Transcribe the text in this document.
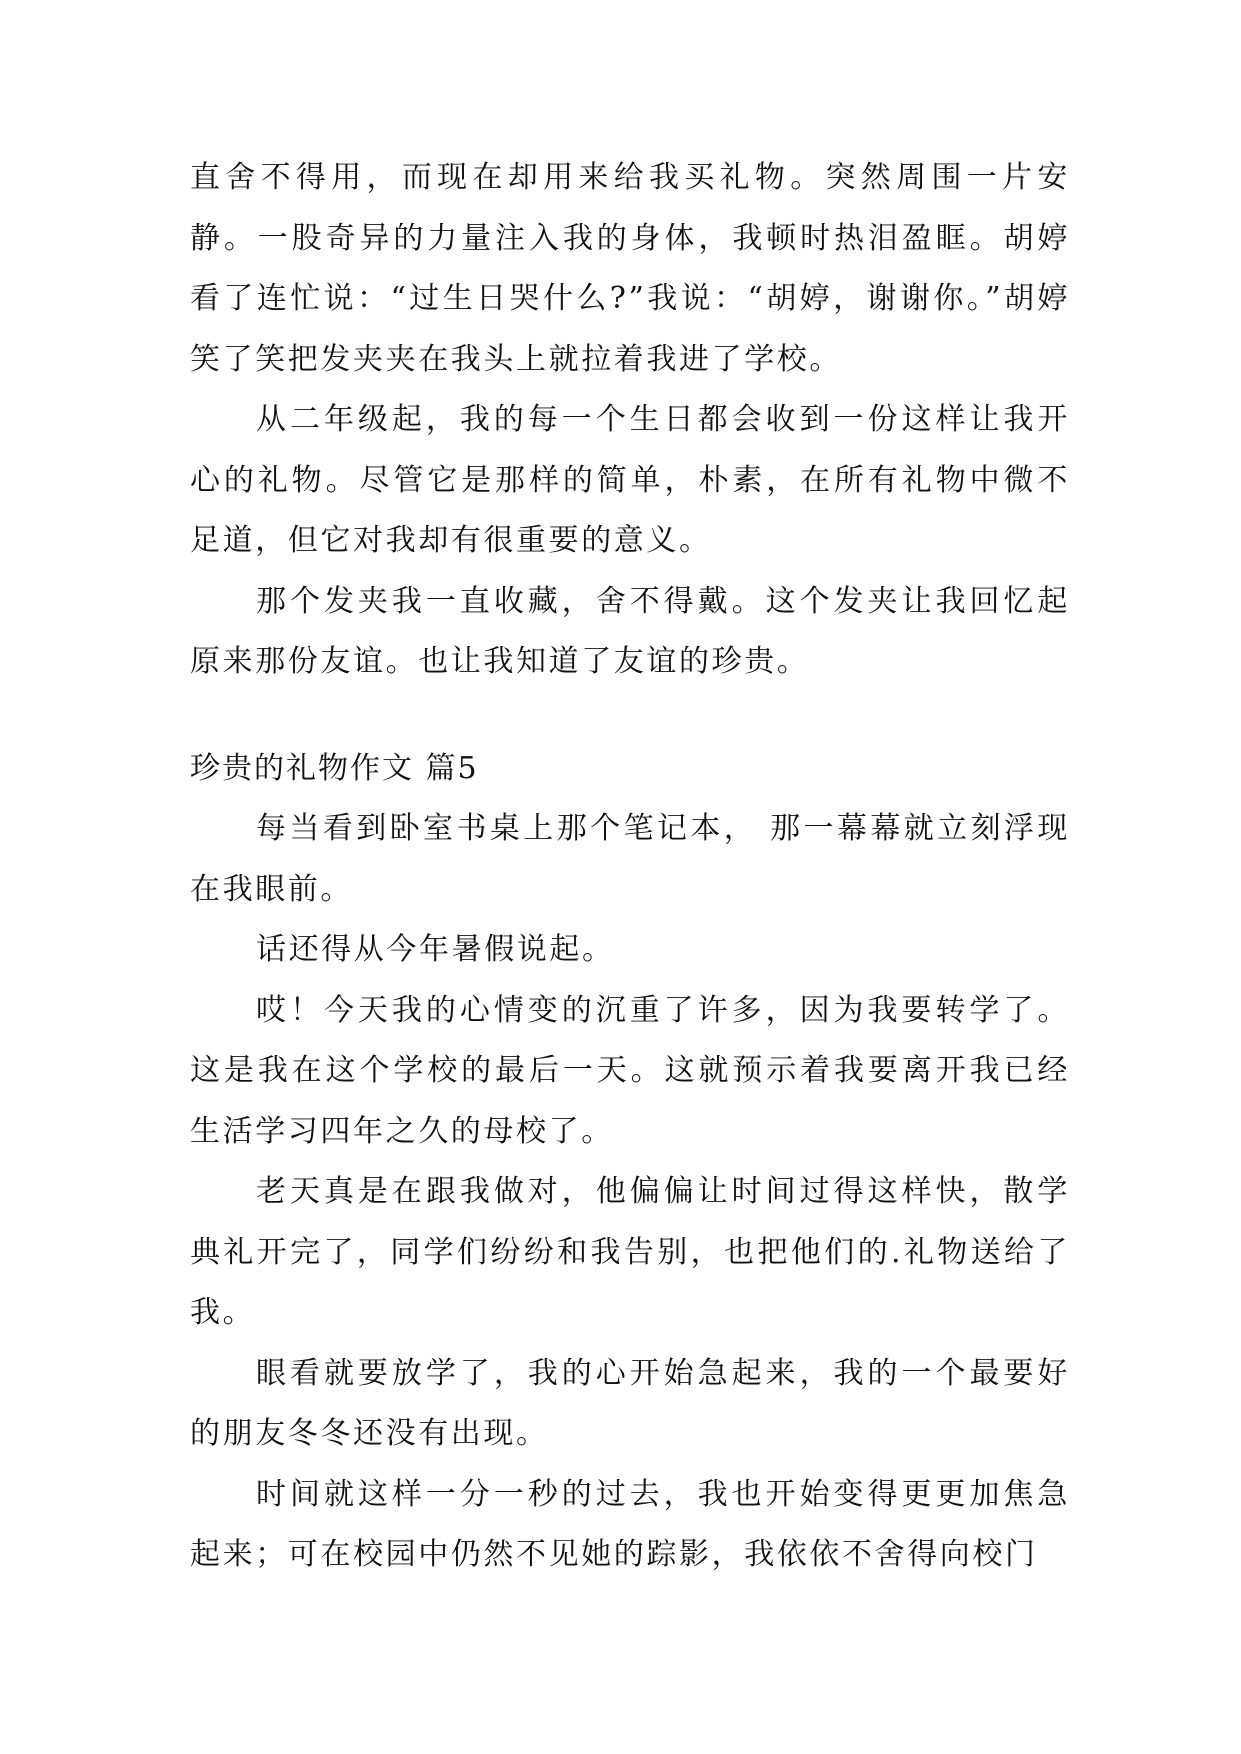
直舍不得用，而现在却用来给我买礼物。突然周围一片安静。一股奇异的力量注入我的身体，我顿时热泪盈眶。胡婷看了连忙说：“过生日哭什么?”我说：“胡婷，谢谢你。”胡婷笑了笑把发夹夹在我头上就拉着我进了学校。

从二年级起，我的每一个生日都会收到一份这样让我开心的礼物。尽管它是那样的简单，朴素，在所有礼物中微不足道，但它对我却有很重要的意义。

那个发夹我一直收藏，舍不得戴。这个发夹让我回忆起原来那份友谊。也让我知道了友谊的珍贵。

珍贵的礼物作文 篇5

每当看到卧室书桌上那个笔记本， 那一幕幕就立刻浮现在我眼前。

话还得从今年暑假说起。

哎！今天我的心情变的沉重了许多，因为我要转学了。这是我在这个学校的最后一天。这就预示着我要离开我已经生活学习四年之久的母校了。

老天真是在跟我做对，他偏偏让时间过得这样快，散学典礼开完了，同学们纷纷和我告别，也把他们的.礼物送给了我。

眼看就要放学了，我的心开始急起来，我的一个最要好的朋友冬冬还没有出现。

时间就这样一分一秒的过去，我也开始变得更更加焦急起来；可在校园中仍然不见她的踪影，我依依不舍得向校门
